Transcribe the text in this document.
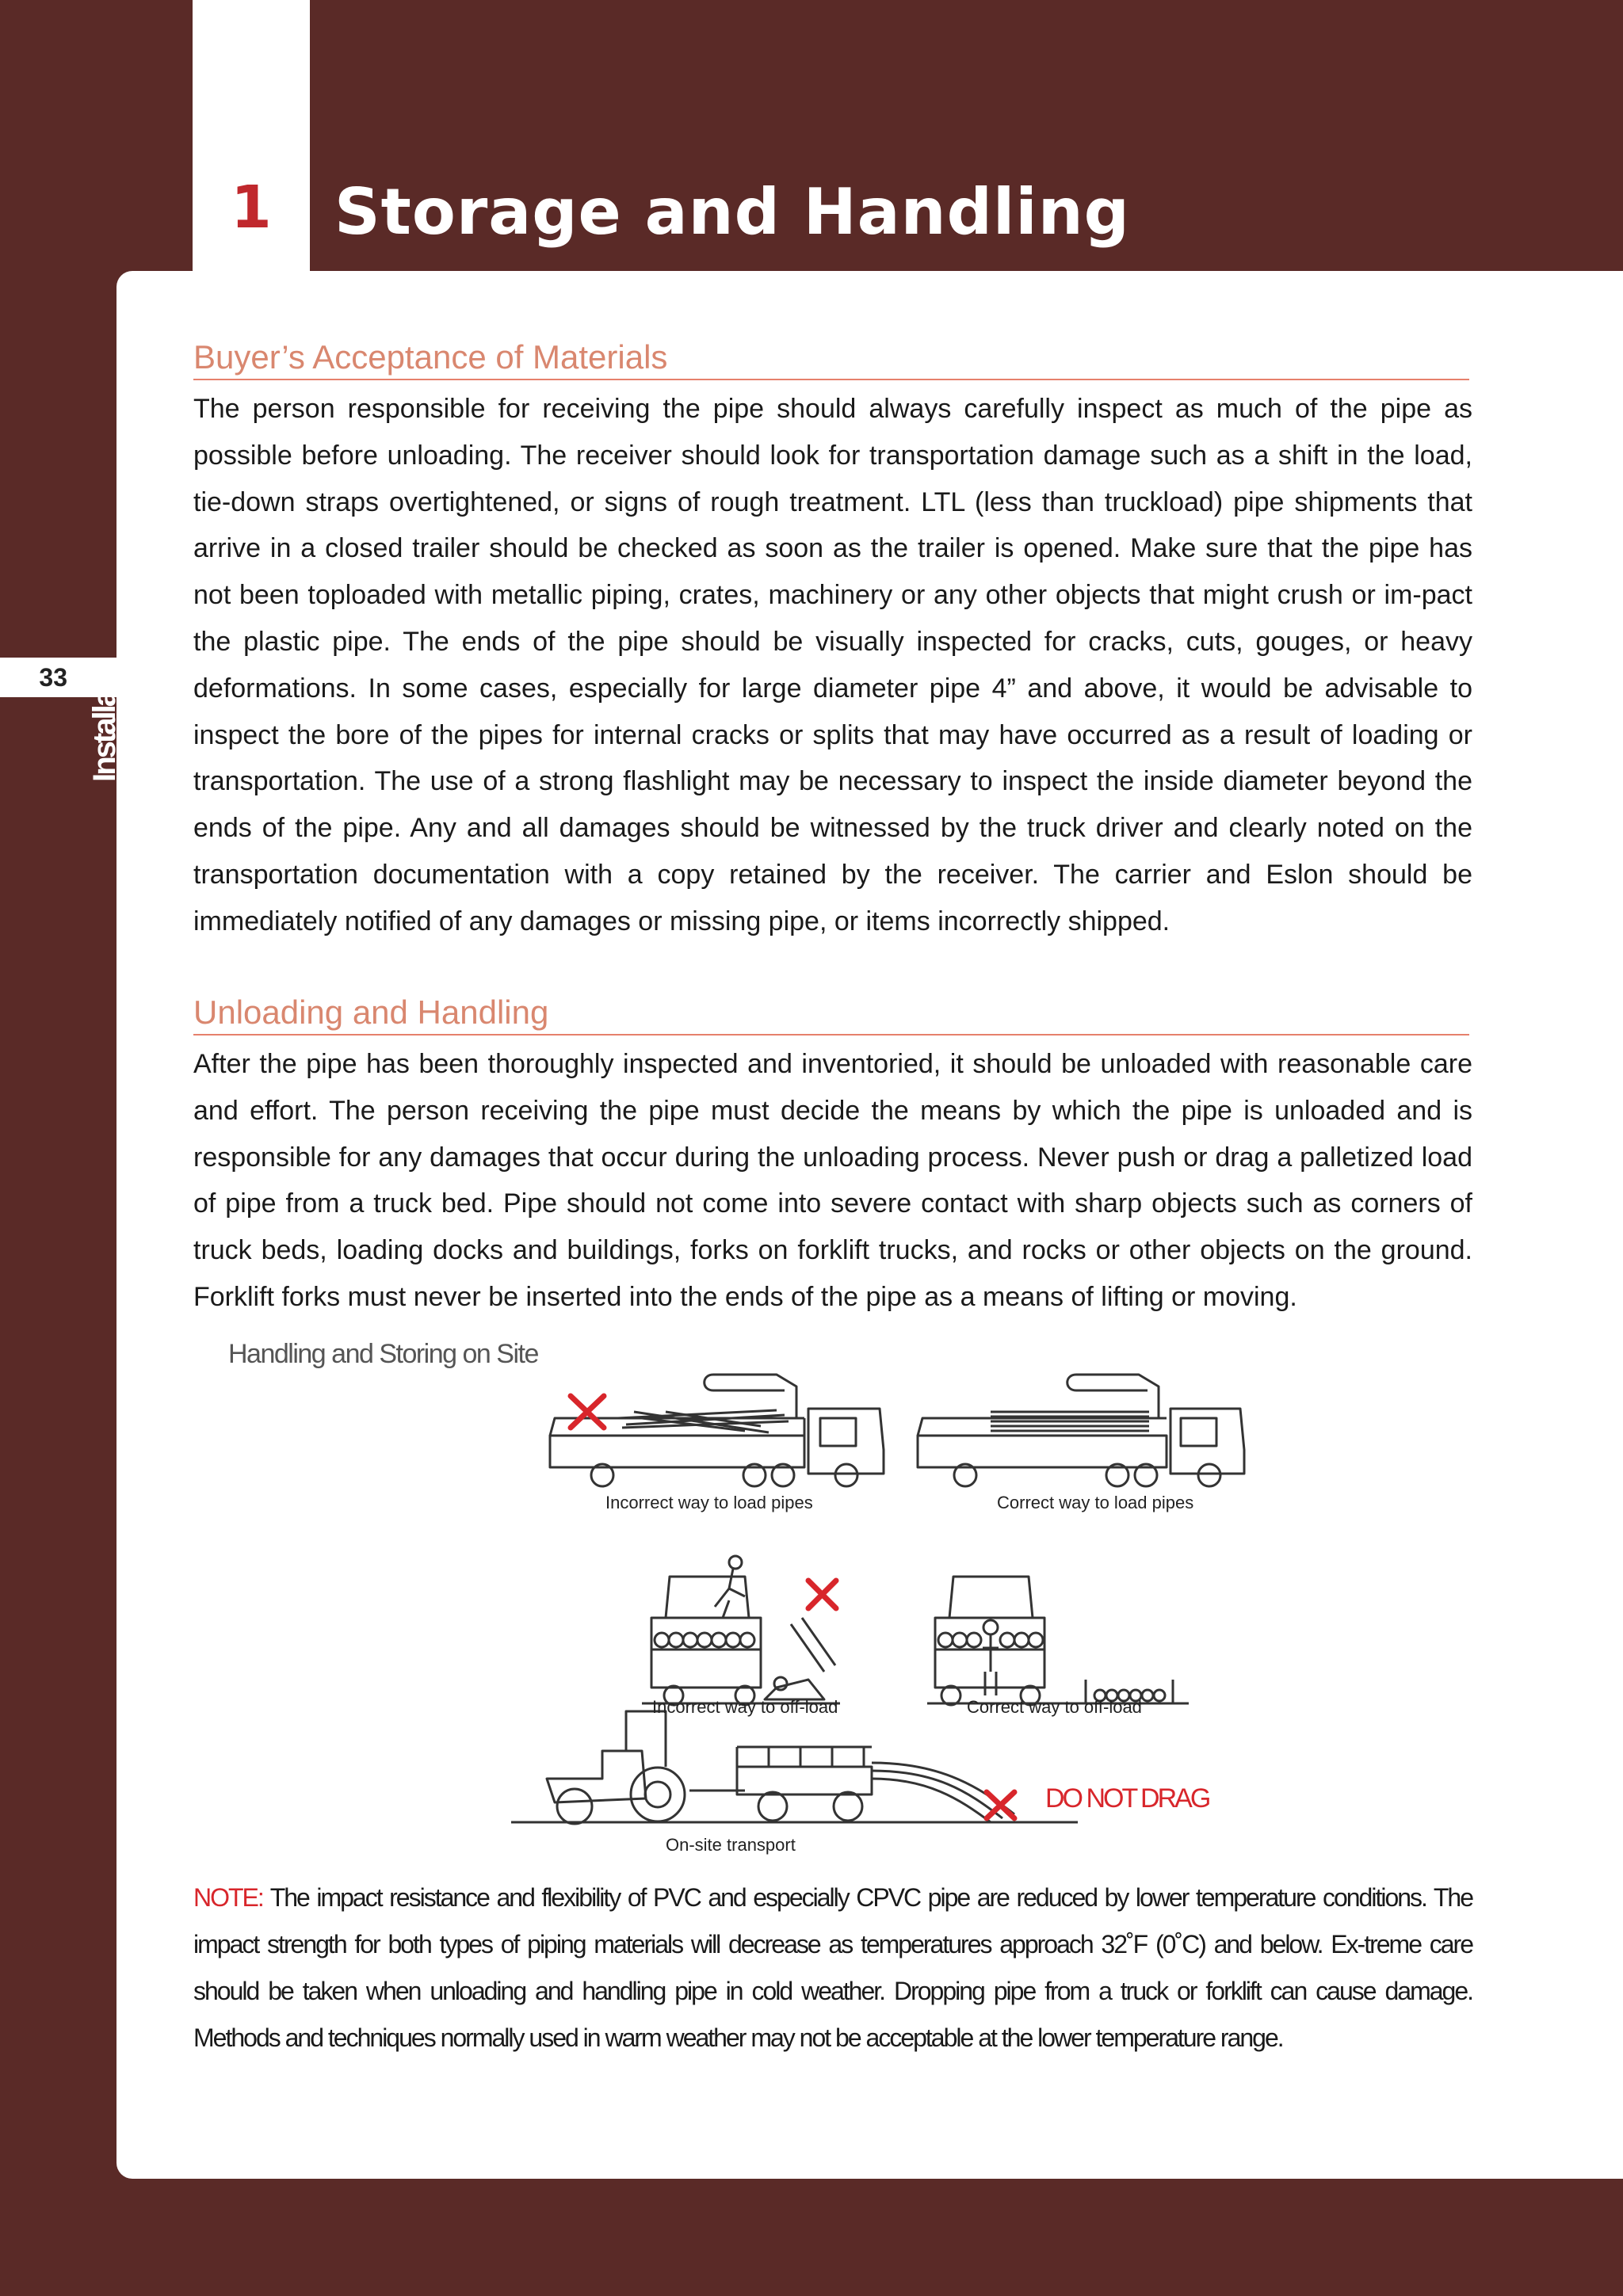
1 Storage and Handling
33 Installatio
Buyer’s Acceptance of Materials
The person responsible for receiving the pipe should always carefully inspect as much of the pipe as possible before unloading. The receiver should look for transportation damage such as a shift in the load, tie-down straps overtightened, or signs of rough treatment. LTL (less than truckload) pipe shipments that arrive in a closed trailer should be checked as soon as the trailer is opened. Make sure that the pipe has not been toploaded with metallic piping, crates, machinery or any other objects that might crush or im-pact the plastic pipe. The ends of the pipe should be visually inspected for cracks, cuts, gouges, or heavy deformations. In some cases, especially for large diameter pipe 4” and above, it would be advisable to inspect the bore of the pipes for internal cracks or splits that may have occurred as a result of loading or transportation. The use of a strong flashlight may be necessary to inspect the inside diameter beyond the ends of the pipe. Any and all damages should be witnessed by the truck driver and clearly noted on the transportation documentation with a copy retained by the receiver. The carrier and Eslon should be immediately notified of any damages or missing pipe, or items incorrectly shipped.
Unloading and Handling
After the pipe has been thoroughly inspected and inventoried, it should be unloaded with reasonable care and effort. The person receiving the pipe must decide the means by which the pipe is unloaded and is responsible for any damages that occur during the unloading process. Never push or drag a palletized load of pipe from a truck bed. Pipe should not come into severe contact with sharp objects such as corners of truck beds, loading docks and buildings, forks on forklift trucks, and rocks or other objects on the ground. Forklift forks must never be inserted into the ends of the pipe as a means of lifting or moving.
Handling and Storing on Site
Incorrect way to load pipes	Correct way to load pipes
Incorrect way to off-load	Correct way to off-load
On-site transport
DO NOT DRAG
NOTE: The impact resistance and flexibility of PVC and especially CPVC pipe are reduced by lower temperature conditions. The impact strength for both types of piping materials will decrease as temperatures approach 32˚F (0˚C) and below. Ex-treme care should be taken when unloading and handling pipe in cold weather. Dropping pipe from a truck or forklift can cause damage. Methods and techniques normally used in warm weather may not be acceptable at the lower temperature range.
